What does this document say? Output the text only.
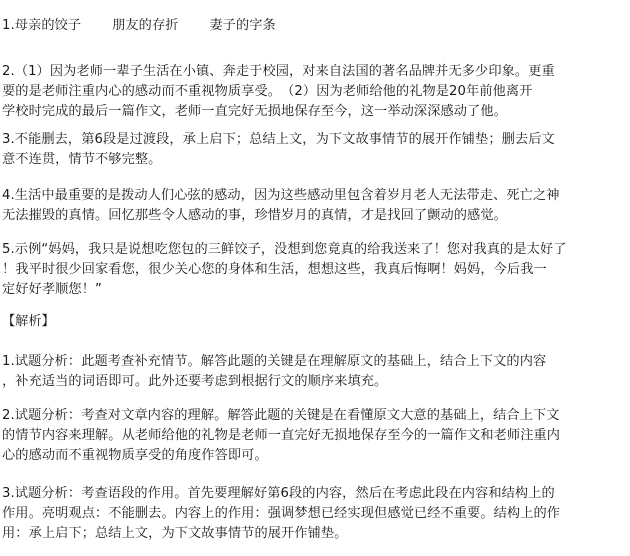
1.母亲的饺子　　 朋友的存折　　 妻子的字条
2.（1）因为老师一辈子生活在小镇、奔走于校园，对来自法国的著名品牌并无多少印象。更重
要的是老师注重内心的感动而不重视物质享受。　（2）因为老师给他的礼物是20年前他离开
学校时完成的最后一篇作文，老师一直完好无损地保存至今，这一举动深深感动了他。
3.不能删去，第6段是过渡段，承上启下；总结上文，为下文故事情节的展开作铺垫；删去后文
意不连贯，情节不够完整。
4.生活中最重要的是拨动人们心弦的感动，因为这些感动里包含着岁月老人无法带走、死亡之神
无法摧毁的真情。回忆那些令人感动的事，珍惜岁月的真情，才是找回了颤动的感觉。
5.示例“妈妈，我只是说想吃您包的三鲜饺子，没想到您竟真的给我送来了！您对我真的是太好了
！我平时很少回家看您，很少关心您的身体和生活，想想这些，我真后悔啊！妈妈，今后我一
定好好孝顺您！”
【解析】
1.试题分析：此题考查补充情节。解答此题的关键是在理解原文的基础上，结合上下文的内容
，补充适当的词语即可。此外还要考虑到根据行文的顺序来填充。
2.试题分析：考查对文章内容的理解。解答此题的关键是在看懂原文大意的基础上，结合上下文
的情节内容来理解。从老师给他的礼物是老师一直完好无损地保存至今的一篇作文和老师注重内
心的感动而不重视物质享受的角度作答即可。
3.试题分析：考查语段的作用。首先要理解好第6段的内容，然后在考虑此段在内容和结构上的
作用。亮明观点：不能删去。内容上的作用：强调梦想已经实现但感觉已经不重要。结构上的作
用：承上启下；总结上文，为下文故事情节的展开作铺垫。
